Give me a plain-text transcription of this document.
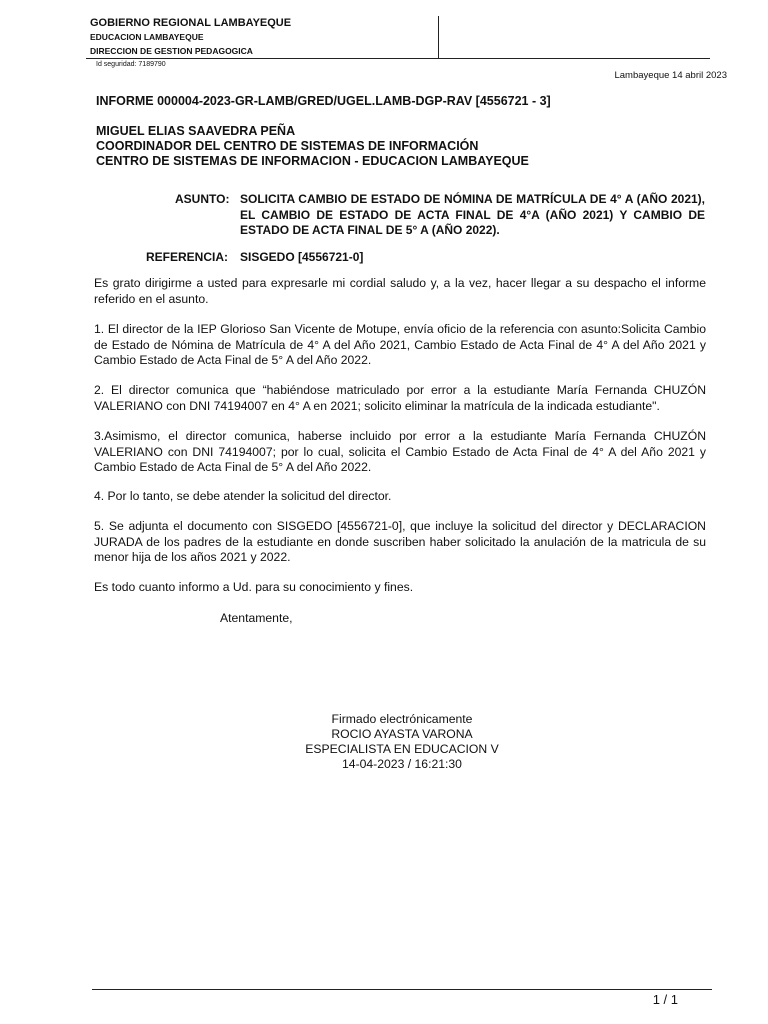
GOBIERNO REGIONAL LAMBAYEQUE
EDUCACION LAMBAYEQUE
DIRECCION DE GESTION PEDAGOGICA
Id seguridad: 7189790
Lambayeque 14 abril 2023
INFORME 000004-2023-GR-LAMB/GRED/UGEL.LAMB-DGP-RAV [4556721 - 3]
MIGUEL ELIAS SAAVEDRA PEÑA
COORDINADOR DEL CENTRO DE SISTEMAS DE INFORMACIÓN
CENTRO DE SISTEMAS DE INFORMACION - EDUCACION LAMBAYEQUE
ASUNTO: SOLICITA CAMBIO DE ESTADO DE NÓMINA DE MATRÍCULA DE 4° A (AÑO 2021), EL CAMBIO DE ESTADO DE ACTA FINAL DE 4°A (AÑO 2021) Y CAMBIO DE ESTADO DE ACTA FINAL DE 5° A (AÑO 2022).
REFERENCIA: SISGEDO [4556721-0]
Es grato dirigirme a usted para expresarle mi cordial saludo y, a la vez, hacer llegar a su despacho el informe referido en el asunto.
1. El director de la IEP Glorioso San Vicente de Motupe, envía oficio de la referencia con asunto:Solicita Cambio de Estado de Nómina de Matrícula de 4° A del Año 2021, Cambio Estado de Acta Final de 4° A del Año 2021 y Cambio Estado de Acta Final de 5° A del Año 2022.
2. El director comunica que “habiéndose matriculado por error a la estudiante María Fernanda CHUZÓN VALERIANO con DNI 74194007 en 4° A en 2021; solicito eliminar la matrícula de la indicada estudiante".
3.Asimismo, el director comunica, haberse incluido por error a la estudiante María Fernanda CHUZÓN VALERIANO con DNI 74194007; por lo cual, solicita el Cambio Estado de Acta Final de 4° A del Año 2021 y Cambio Estado de Acta Final de 5° A del Año 2022.
4. Por lo tanto, se debe atender la solicitud del director.
5. Se adjunta el documento con SISGEDO [4556721-0], que incluye la solicitud del director y DECLARACION JURADA de los padres de la estudiante en donde suscriben haber solicitado la anulación de la matricula de su menor hija de los años 2021 y 2022.
Es todo cuanto informo a Ud. para su conocimiento y fines.
Atentamente,
Firmado electrónicamente
ROCIO AYASTA VARONA
ESPECIALISTA EN EDUCACION V
14-04-2023 / 16:21:30
1 / 1
